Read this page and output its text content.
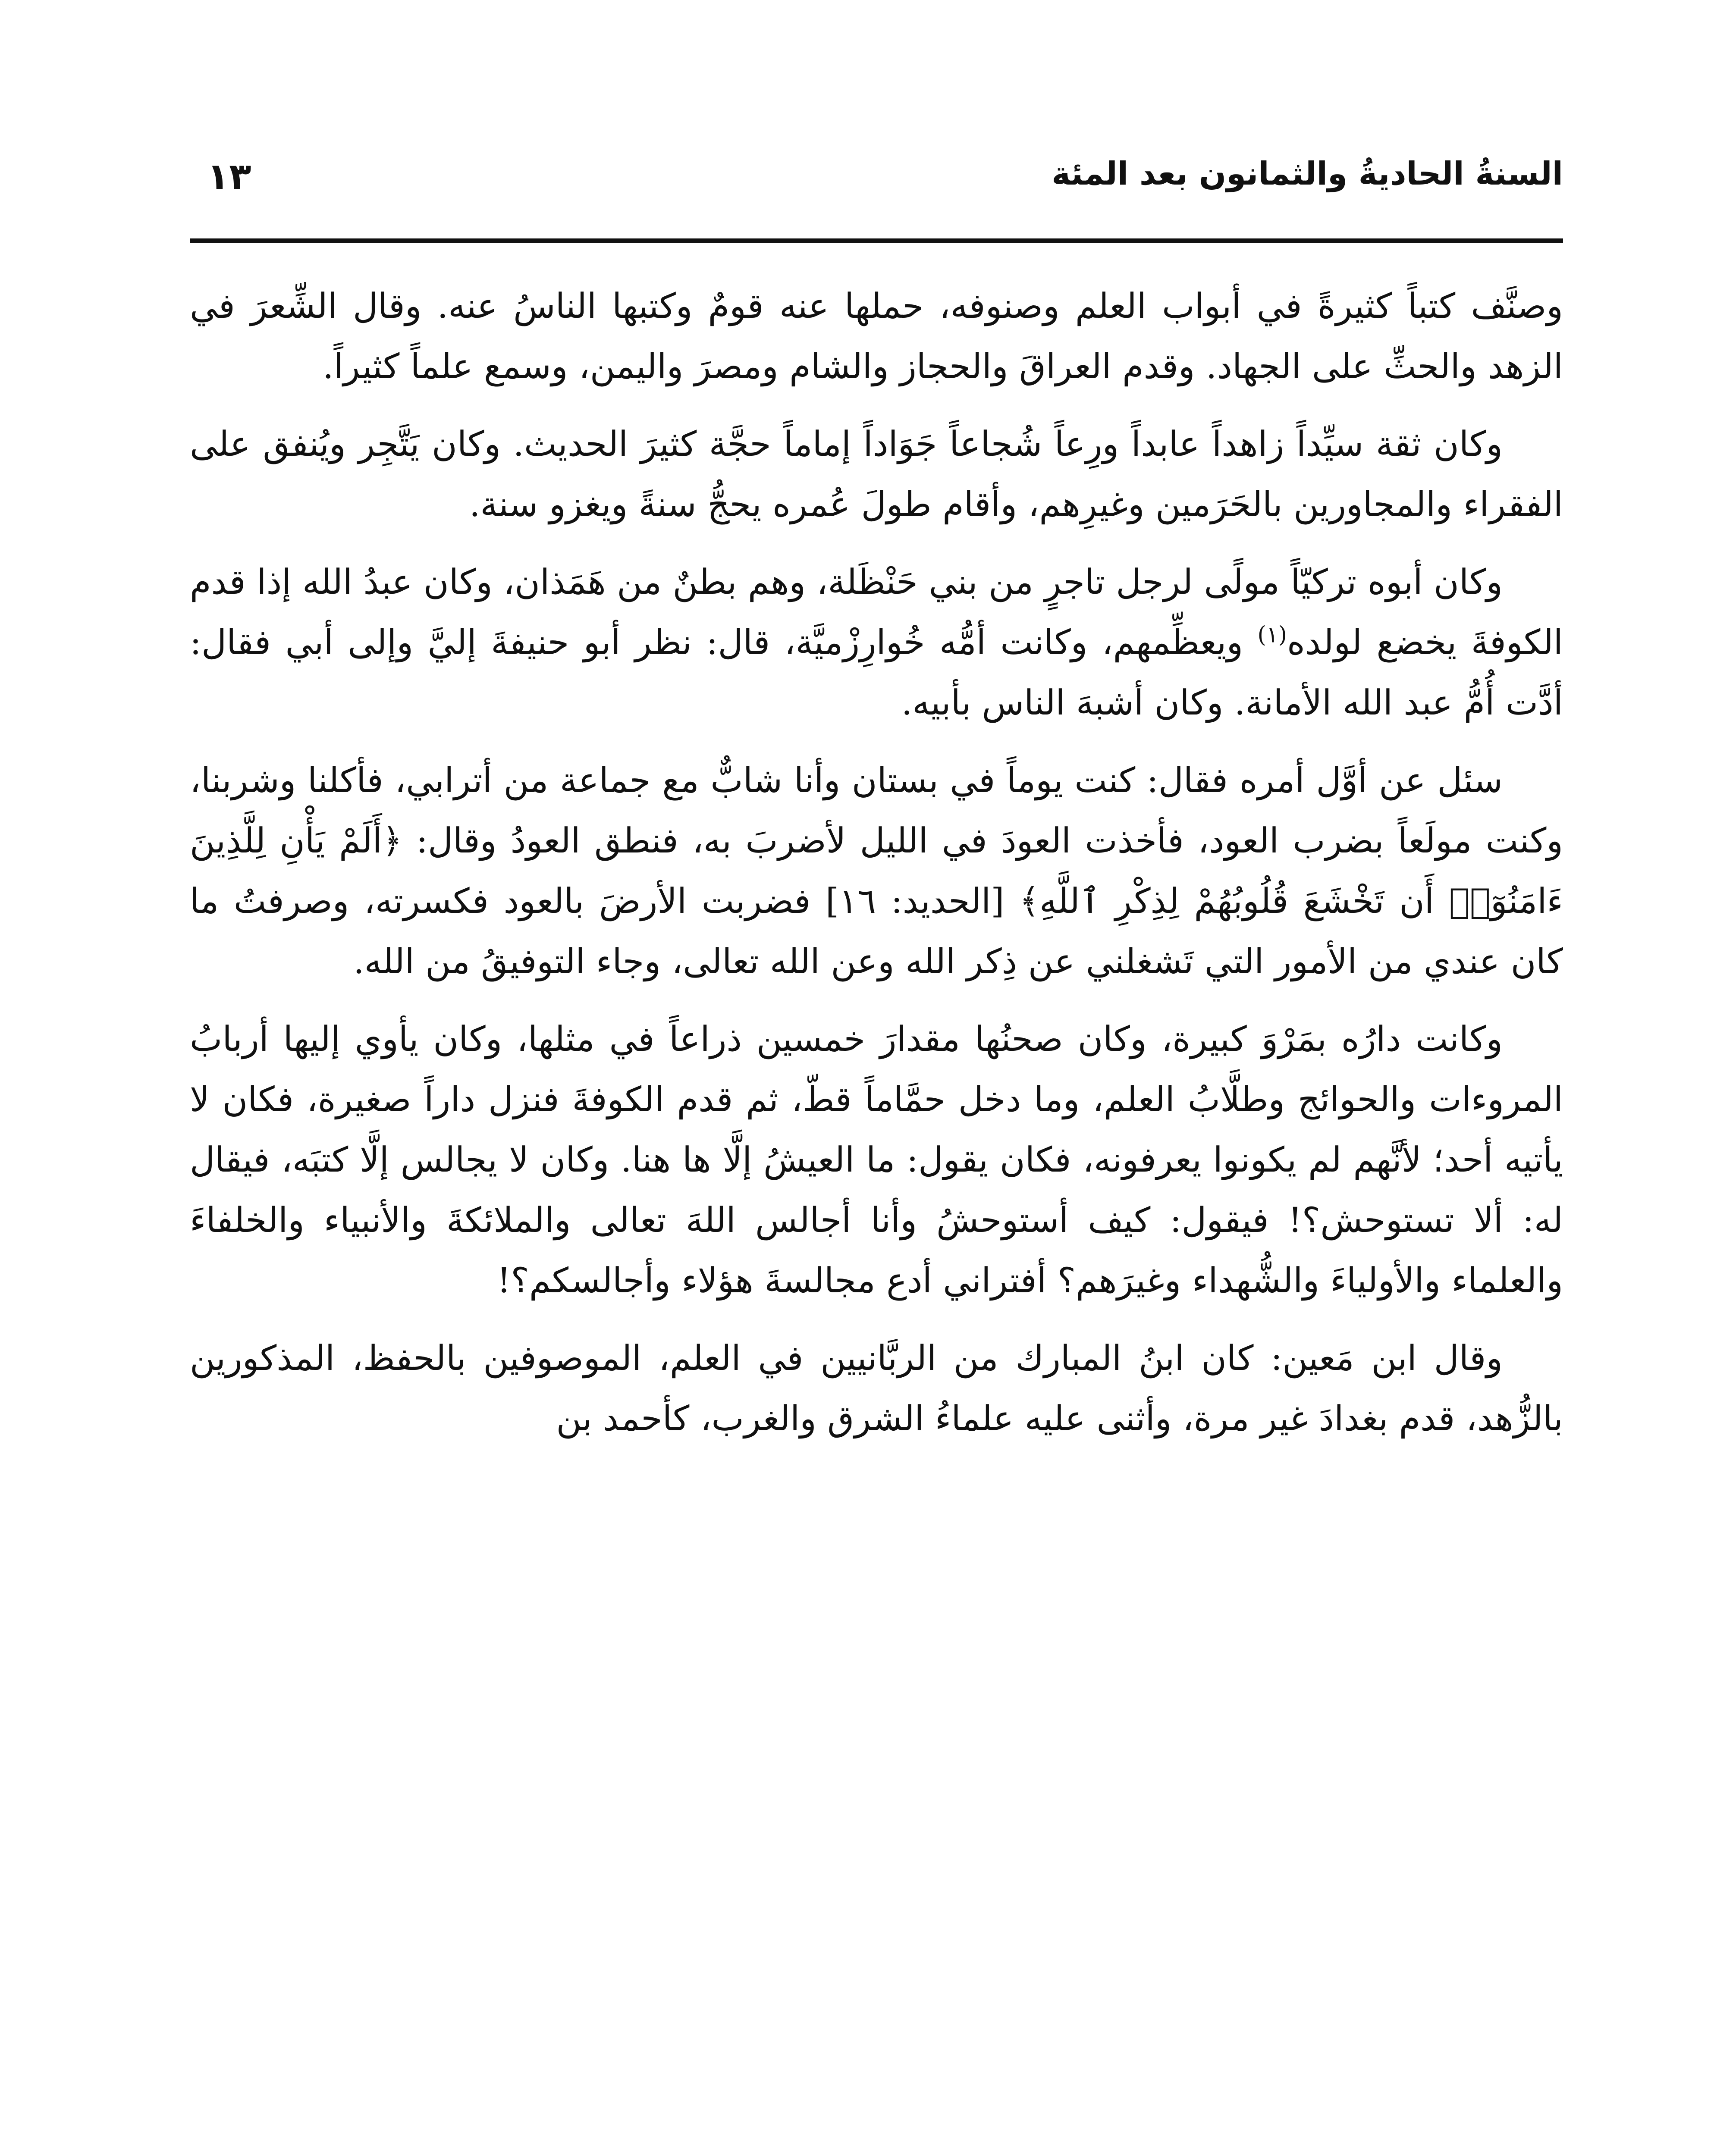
السنةُ الحاديةُ والثمانون بعد المئة
١٣

وصنَّف كتباً كثيرةً في أبواب العلم وصنوفه، حملها عنه قومٌ وكتبها الناسُ عنه. وقال الشِّعرَ في الزهد والحثِّ على الجهاد. وقدم العراقَ والحجاز والشام ومصرَ واليمن، وسمع علماً كثيراً.

وكان ثقة سيِّداً زاهداً عابداً ورِعاً شُجاعاً جَوَاداً إماماً حجَّة كثيرَ الحديث. وكان يَتَّجِر ويُنفق على الفقراء والمجاورين بالحَرَمين وغيرِهم، وأقام طولَ عُمره يحجُّ سنةً ويغزو سنة.

وكان أبوه تركيّاً مولًى لرجل تاجرٍ من بني حَنْظَلة، وهم بطنٌ من هَمَذان، وكان عبدُ الله إذا قدم الكوفةَ يخضع لولده$^{(١)}$ ويعظِّمهم، وكانت أمُّه خُوارِزْميَّة، قال: نظر أبو حنيفةَ إليَّ وإلى أبي فقال: أدَّت أُمُّ عبد الله الأمانة. وكان أشبهَ الناس بأبيه.

سئل عن أوَّل أمره فقال: كنت يوماً في بستان وأنا شابٌّ مع جماعة من أترابي، فأكلنا وشربنا، وكنت مولَعاً بضرب العود، فأخذت العودَ في الليل لأضربَ به، فنطق العودُ وقال: ﴿أَلَمْ يَأْنِ لِلَّذِينَ ءَامَنُوٓا۟ أَن تَخْشَعَ قُلُوبُهُمْ لِذِكْرِ ٱللَّهِ﴾ [الحديد: ١٦] فضربت الأرضَ بالعود فكسرته، وصرفتُ ما كان عندي من الأمور التي تَشغلني عن ذِكر الله وعن الله تعالى، وجاء التوفيقُ من الله.

وكانت دارُه بمَرْوَ كبيرة، وكان صحنُها مقدارَ خمسين ذراعاً في مثلها، وكان يأوي إليها أربابُ المروءات والحوائج وطلَّابُ العلم، وما دخل حمَّاماً قطّ، ثم قدم الكوفةَ فنزل داراً صغيرة، فكان لا يأتيه أحد؛ لأنَّهم لم يكونوا يعرفونه، فكان يقول: ما العيشُ إلَّا ها هنا. وكان لا يجالس إلَّا كتبَه، فيقال له: ألا تستوحش؟! فيقول: كيف أستوحشُ وأنا أجالس اللهَ تعالى والملائكةَ والأنبياء والخلفاءَ والعلماء والأولياءَ والشُّهداء وغيرَهم؟ أفتراني أدع مجالسةَ هؤلاء وأجالسكم؟!

وقال ابن مَعين: كان ابنُ المبارك من الربَّانيين في العلم، الموصوفين بالحفظ، المذكورين بالزُّهد، قدم بغدادَ غير مرة، وأثنى عليه علماءُ الشرق والغرب، كأحمد بن
